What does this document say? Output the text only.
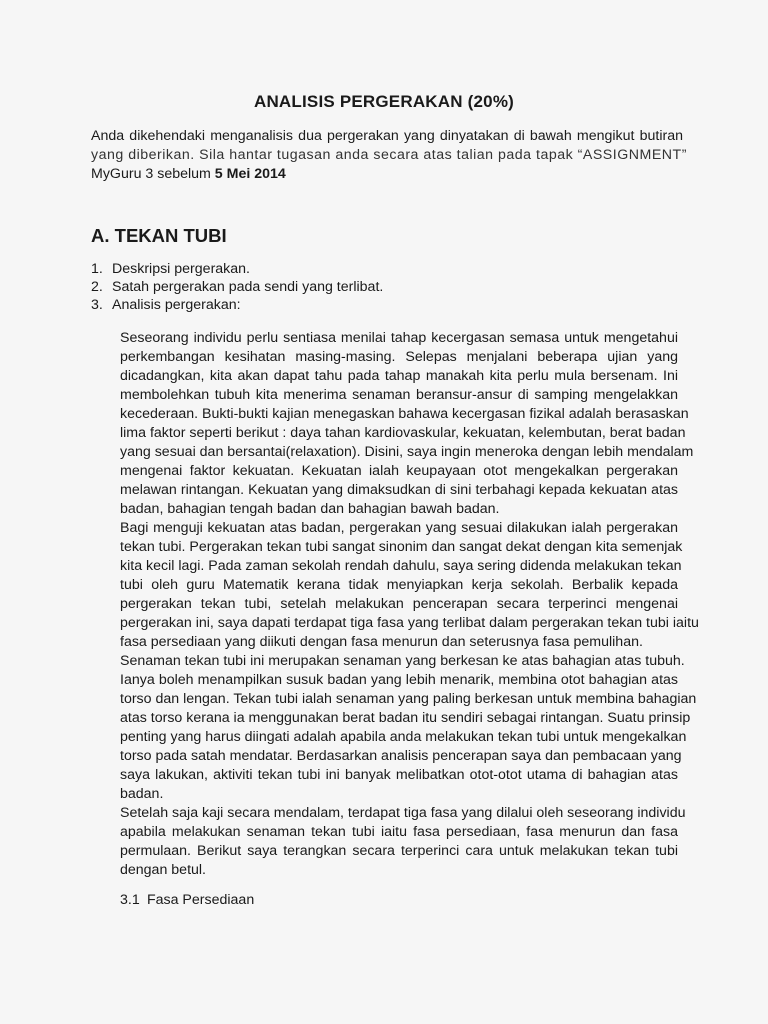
ANALISIS PERGERAKAN (20%)
Anda dikehendaki menganalisis dua pergerakan yang dinyatakan di bawah mengikut butiran
yang diberikan. Sila hantar tugasan anda secara atas talian pada tapak “ASSIGNMENT”
MyGuru 3 sebelum 5 Mei 2014
A. TEKAN TUBI
1. Deskripsi pergerakan.
2. Satah pergerakan pada sendi yang terlibat.
3. Analisis pergerakan:
Seseorang individu perlu sentiasa menilai tahap kecergasan semasa untuk mengetahui
perkembangan kesihatan masing-masing. Selepas menjalani beberapa ujian yang
dicadangkan, kita akan dapat tahu pada tahap manakah kita perlu mula bersenam. Ini
membolehkan tubuh kita menerima senaman beransur-ansur di samping mengelakkan
kecederaan. Bukti-bukti kajian menegaskan bahawa kecergasan fizikal adalah berasaskan
lima faktor seperti berikut : daya tahan kardiovaskular, kekuatan, kelembutan, berat badan
yang sesuai dan bersantai(relaxation). Disini, saya ingin meneroka dengan lebih mendalam
mengenai faktor kekuatan. Kekuatan ialah keupayaan otot mengekalkan pergerakan
melawan rintangan. Kekuatan yang dimaksudkan di sini terbahagi kepada kekuatan atas
badan, bahagian tengah badan dan bahagian bawah badan.
Bagi menguji kekuatan atas badan, pergerakan yang sesuai dilakukan ialah pergerakan
tekan tubi. Pergerakan tekan tubi sangat sinonim dan sangat dekat dengan kita semenjak
kita kecil lagi. Pada zaman sekolah rendah dahulu, saya sering didenda melakukan tekan
tubi oleh guru Matematik kerana tidak menyiapkan kerja sekolah. Berbalik kepada
pergerakan tekan tubi, setelah melakukan pencerapan secara terperinci mengenai
pergerakan ini, saya dapati terdapat tiga fasa yang terlibat dalam pergerakan tekan tubi iaitu
fasa persediaan yang diikuti dengan fasa menurun dan seterusnya fasa pemulihan.
Senaman tekan tubi ini merupakan senaman yang berkesan ke atas bahagian atas tubuh.
Ianya boleh menampilkan susuk badan yang lebih menarik, membina otot bahagian atas
torso dan lengan. Tekan tubi ialah senaman yang paling berkesan untuk membina bahagian
atas torso kerana ia menggunakan berat badan itu sendiri sebagai rintangan. Suatu prinsip
penting yang harus diingati adalah apabila anda melakukan tekan tubi untuk mengekalkan
torso pada satah mendatar. Berdasarkan analisis pencerapan saya dan pembacaan yang
saya lakukan, aktiviti tekan tubi ini banyak melibatkan otot-otot utama di bahagian atas
badan.
Setelah saja kaji secara mendalam, terdapat tiga fasa yang dilalui oleh seseorang individu
apabila melakukan senaman tekan tubi iaitu fasa persediaan, fasa menurun dan fasa
permulaan. Berikut saya terangkan secara terperinci cara untuk melakukan tekan tubi
dengan betul.
3.1 Fasa Persediaan
